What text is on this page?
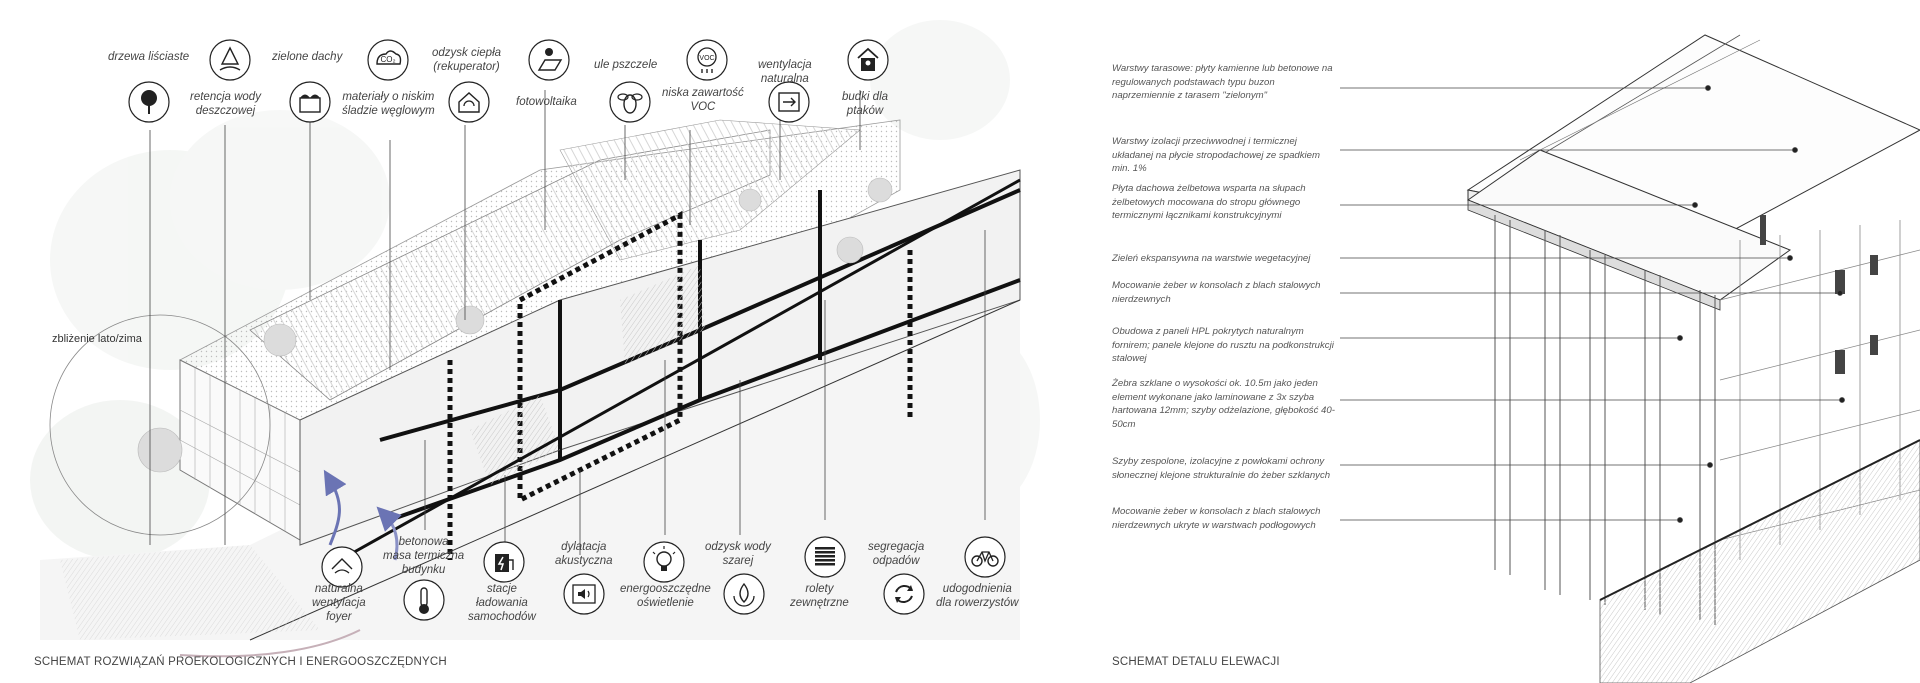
CO₂	VOC
drzewa liściaste
retencja wody
deszczowej
zielone dachy
materiały o niskim
śladzie węglowym
odzysk ciepła
(rekuperator)
fotowoltaika
ule pszczele
niska zawartość
VOC
wentylacja
naturalna
budki dla
ptaków
naturalna
wentylacja
foyer
betonowa
masa termiczna
budynku
stacje
ładowania
samochodów
dylatacja
akustyczna
energooszczędne
oświetlenie
odzysk wody
szarej
rolety
zewnętrzne
segregacja
odpadów
udogodnienia
dla rowerzystów
zbliżenie lato/zima
SCHEMAT ROZWIĄZAŃ PROEKOLOGICZNYCH I ENERGOOSZCZĘDNYCH
Warstwy tarasowe: płyty kamienne lub betonowe na regulowanych podstawach typu buzon naprzemiennie z tarasem "zielonym"
Warstwy izolacji przeciwwodnej i termicznej układanej na płycie stropodachowej ze spadkiem min. 1%
Płyta dachowa żelbetowa wsparta na słupach żelbetowych mocowana do stropu głównego termicznymi łącznikami konstrukcyjnymi
Zieleń ekspansywna na warstwie wegetacyjnej
Mocowanie żeber w konsolach z blach stalowych nierdzewnych
Obudowa z paneli HPL pokrytych naturalnym fornirem; panele klejone do rusztu na podkonstrukcji stalowej
Żebra szklane o wysokości ok. 10.5m jako jeden element wykonane jako laminowane z 3x szyba hartowana 12mm; szyby odżelazione, głębokość 40-50cm
Szyby zespolone, izolacyjne z powłokami ochrony słonecznej klejone strukturalnie do żeber szklanych
Mocowanie żeber w konsolach z blach stalowych nierdzewnych ukryte w warstwach podłogowych
SCHEMAT DETALU ELEWACJI
